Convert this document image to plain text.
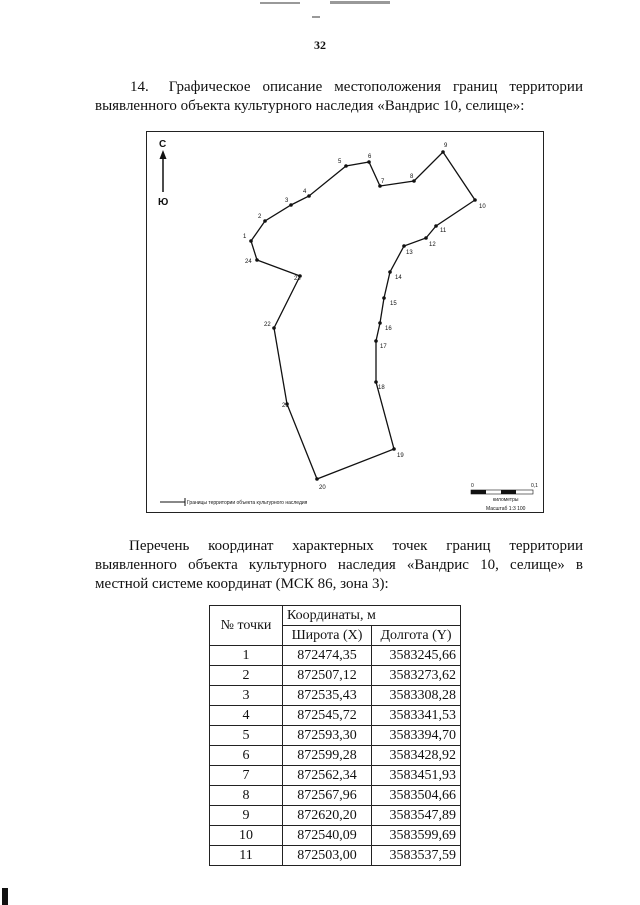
32
14. Графическое описание местоположения границ территории выявленного объекта культурного наследия «Вандрис 10, селище»:
С
Ю
1
2
3
4
5
6
7
8
9
10
11
12
13
14
15
16
17
18
19
20
21
22
23
24
Границы территории объекта культурного наследия
0	0,1
километры
Масштаб 1:3 100
Перечень координат характерных точек границ территории выявленного объекта культурного наследия «Вандрис 10, селище» в местной системе координат (МСК 86, зона 3):
№ точки	Координаты, м	
	Широта (X)	Долгота (Y)
1	872474,35	3583245,66
2	872507,12	3583273,62
3	872535,43	3583308,28
4	872545,72	3583341,53
5	872593,30	3583394,70
6	872599,28	3583428,92
7	872562,34	3583451,93
8	872567,96	3583504,66
9	872620,20	3583547,89
10	872540,09	3583599,69
11	872503,00	3583537,59
